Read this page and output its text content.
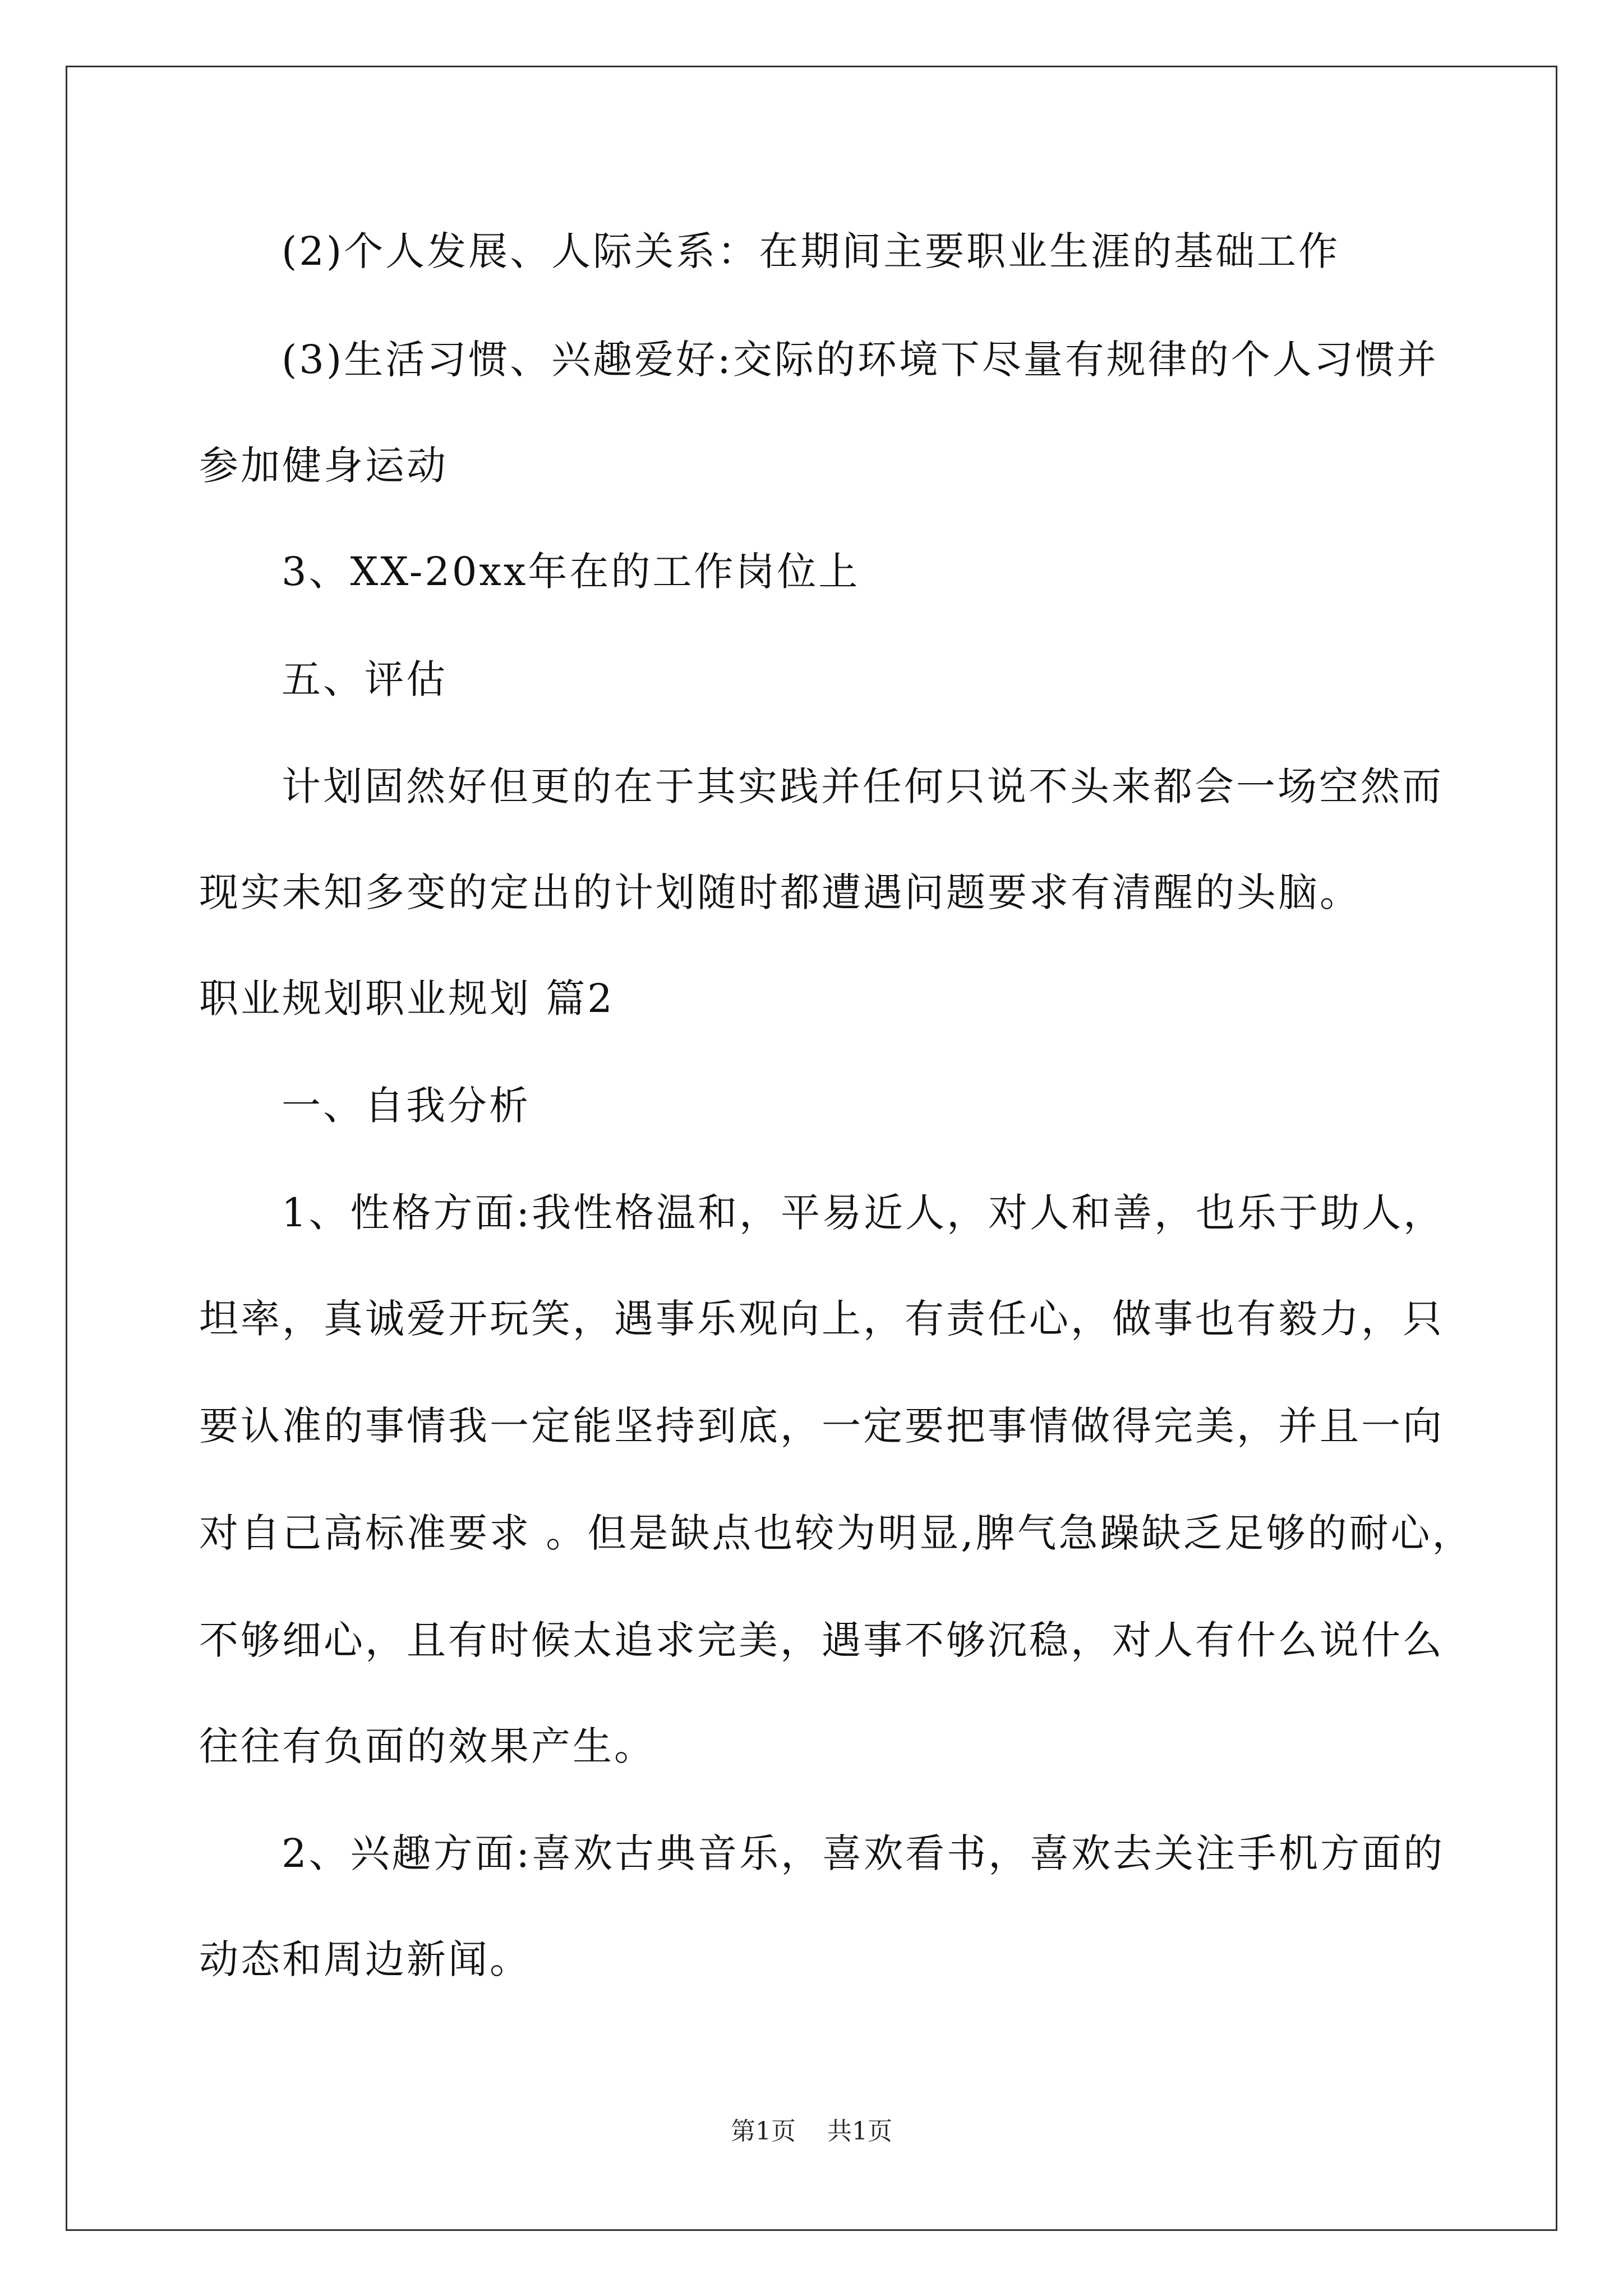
(2)个人发展、人际关系：在期间主要职业生涯的基础工作
(3)生活习惯、兴趣爱好:交际的环境下尽量有规律的个人习惯并
参加健身运动
3、XX-20xx年在的工作岗位上
五、评估
计划固然好但更的在于其实践并任何只说不头来都会一场空然而
现实未知多变的定出的计划随时都遭遇问题要求有清醒的头脑。
职业规划职业规划 篇2
一、自我分析
1、性格方面:我性格温和，平易近人，对人和善，也乐于助人，
坦率，真诚爱开玩笑，遇事乐观向上，有责任心，做事也有毅力，只
要认准的事情我一定能坚持到底，一定要把事情做得完美，并且一向
对自己高标准要求 。但是缺点也较为明显,脾气急躁缺乏足够的耐心，
不够细心，且有时候太追求完美，遇事不够沉稳，对人有什么说什么
往往有负面的效果产生。
2、兴趣方面:喜欢古典音乐，喜欢看书，喜欢去关注手机方面的
动态和周边新闻。
第1页 共1页
